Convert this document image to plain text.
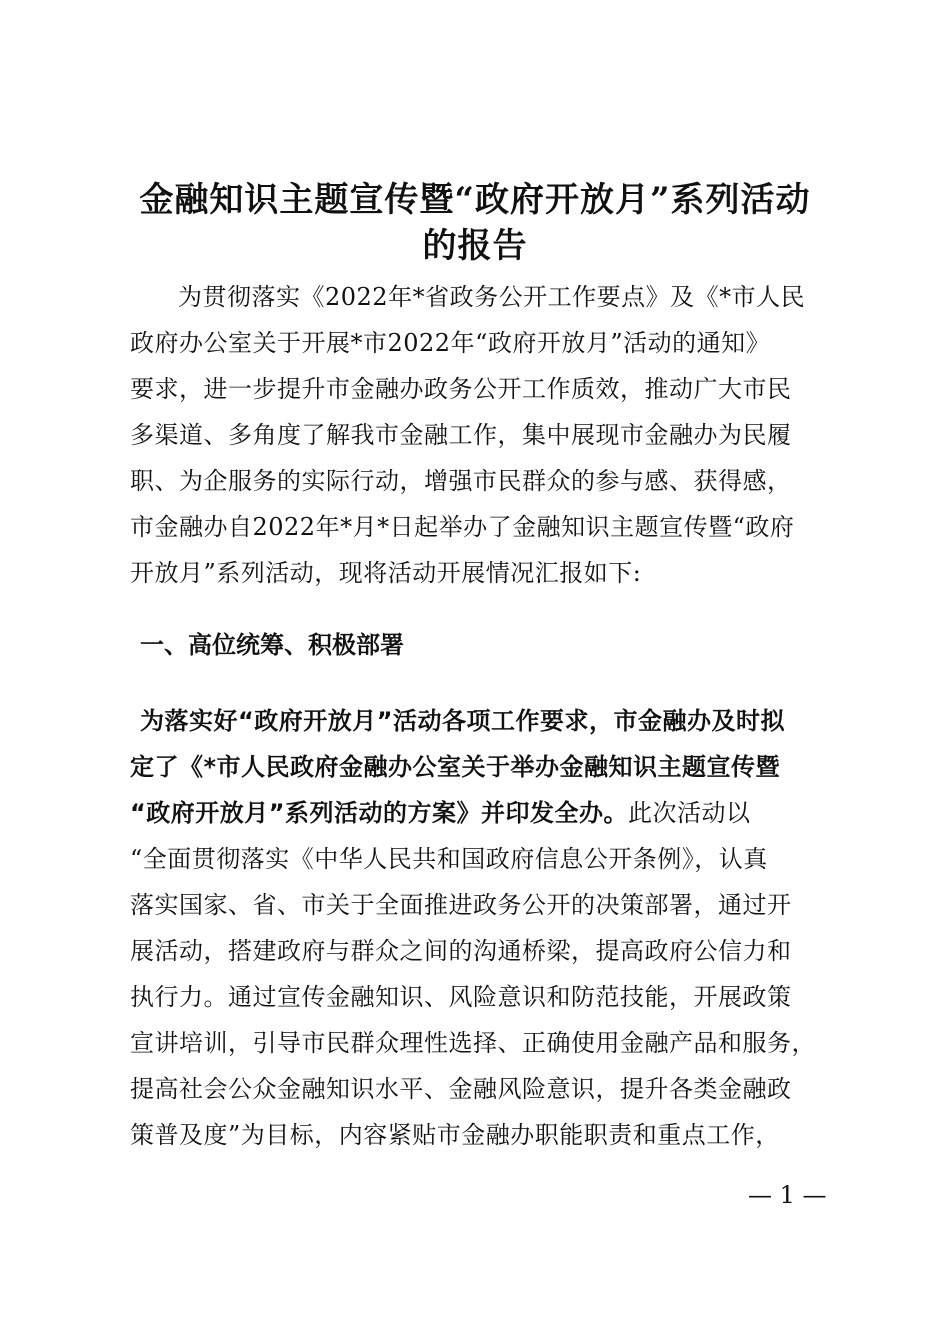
金融知识主题宣传暨“政府开放月”系列活动
的报告
为贯彻落实《2022年*省政务公开工作要点》及《*市人民
政府办公室关于开展*市2022年“政府开放月”活动的通知》
要求，进一步提升市金融办政务公开工作质效，推动广大市民
多渠道、多角度了解我市金融工作，集中展现市金融办为民履
职、为企服务的实际行动，增强市民群众的参与感、获得感，
市金融办自2022年*月*日起举办了金融知识主题宣传暨“政府
开放月”系列活动，现将活动开展情况汇报如下:
一、高位统筹、积极部署
为落实好“政府开放月”活动各项工作要求，市金融办及时拟
定了《*市人民政府金融办公室关于举办金融知识主题宣传暨
“政府开放月”系列活动的方案》并印发全办。此次活动以
“全面贯彻落实《中华人民共和国政府信息公开条例》，认真
落实国家、省、市关于全面推进政务公开的决策部署，通过开
展活动，搭建政府与群众之间的沟通桥梁，提高政府公信力和
执行力。通过宣传金融知识、风险意识和防范技能，开展政策
宣讲培训，引导市民群众理性选择、正确使用金融产品和服务，
提高社会公众金融知识水平、金融风险意识，提升各类金融政
策普及度”为目标，内容紧贴市金融办职能职责和重点工作，
— 1 —
